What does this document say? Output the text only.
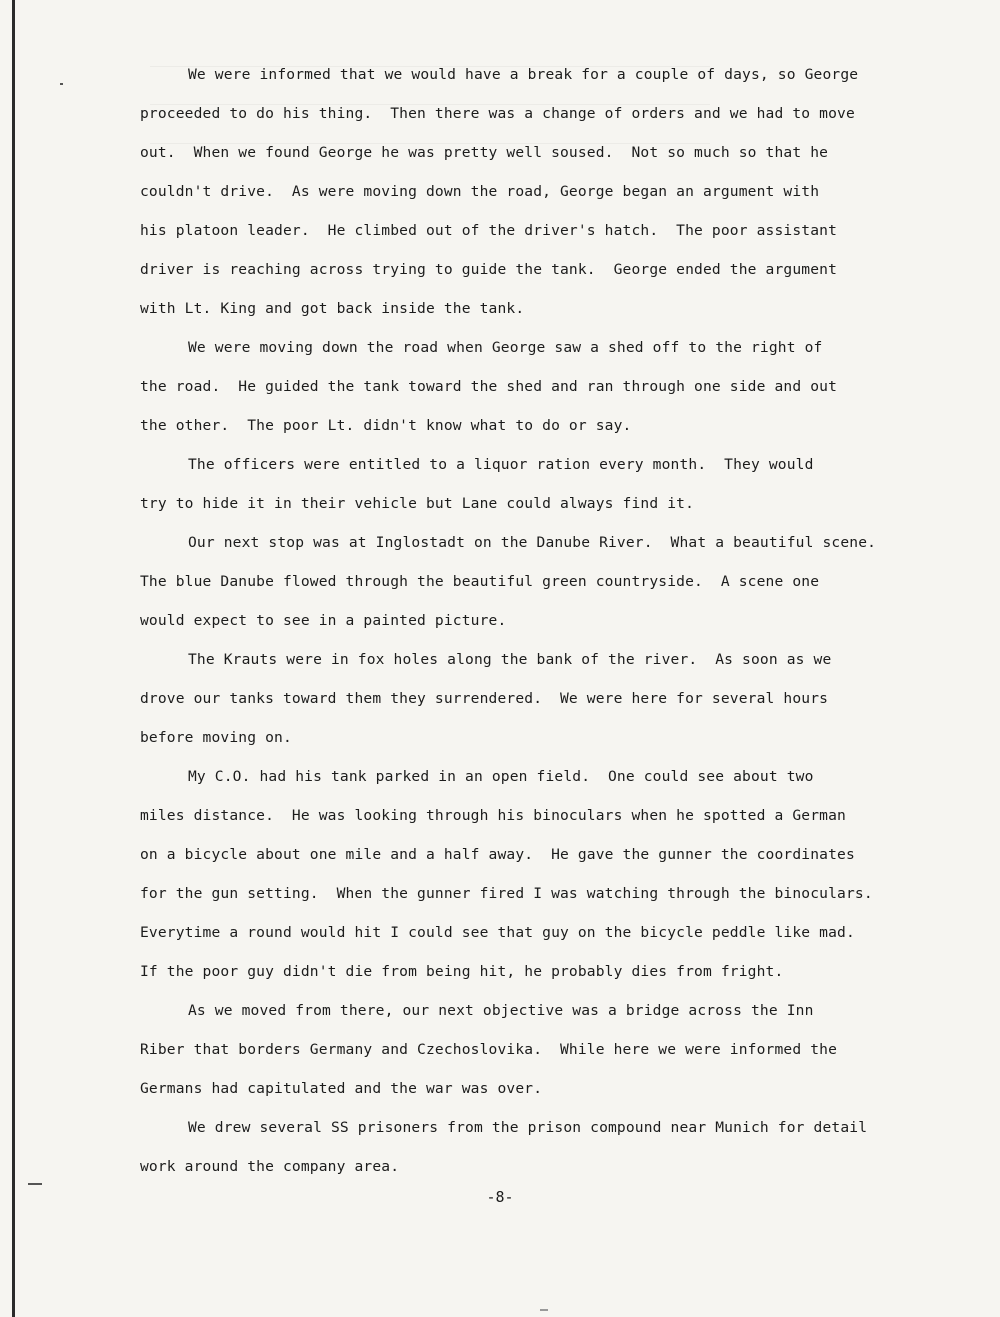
We were informed that we would have a break for a couple of days, so George
proceeded to do his thing.  Then there was a change of orders and we had to move
out.  When we found George he was pretty well soused.  Not so much so that he
couldn't drive.  As were moving down the road, George began an argument with
his platoon leader.  He climbed out of the driver's hatch.  The poor assistant
driver is reaching across trying to guide the tank.  George ended the argument
with Lt. King and got back inside the tank.
We were moving down the road when George saw a shed off to the right of
the road.  He guided the tank toward the shed and ran through one side and out
the other.  The poor Lt. didn't know what to do or say.
The officers were entitled to a liquor ration every month.  They would
try to hide it in their vehicle but Lane could always find it.
Our next stop was at Inglostadt on the Danube River.  What a beautiful scene.
The blue Danube flowed through the beautiful green countryside.  A scene one
would expect to see in a painted picture.
The Krauts were in fox holes along the bank of the river.  As soon as we
drove our tanks toward them they surrendered.  We were here for several hours
before moving on.
My C.O. had his tank parked in an open field.  One could see about two
miles distance.  He was looking through his binoculars when he spotted a German
on a bicycle about one mile and a half away.  He gave the gunner the coordinates
for the gun setting.  When the gunner fired I was watching through the binoculars.
Everytime a round would hit I could see that guy on the bicycle peddle like mad.
If the poor guy didn't die from being hit, he probably dies from fright.
As we moved from there, our next objective was a bridge across the Inn
Riber that borders Germany and Czechoslovika.  While here we were informed the
Germans had capitulated and the war was over.
We drew several SS prisoners from the prison compound near Munich for detail
work around the company area.
-8-
